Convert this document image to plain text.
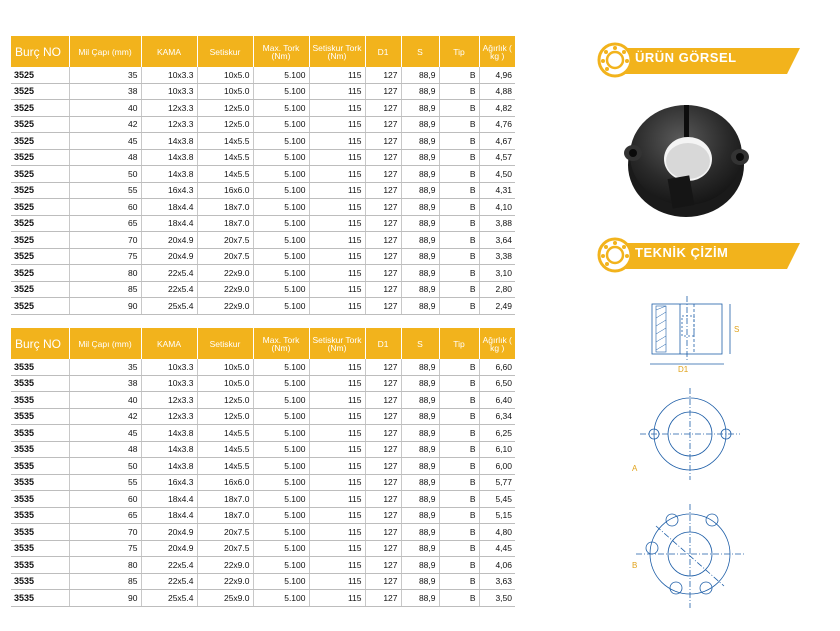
Burç NO	Mil Çapı (mm)	KAMA	Setiskur	Max. Tork (Nm)	Setiskur Tork (Nm)	D1	S	Tip	Ağırlık ( kg )
3525	35	10x3.3	10x5.0	5.100	115	127	88,9	B	4,96
3525	38	10x3.3	10x5.0	5.100	115	127	88,9	B	4,88
3525	40	12x3.3	12x5.0	5.100	115	127	88,9	B	4,82
3525	42	12x3.3	12x5.0	5.100	115	127	88,9	B	4,76
3525	45	14x3.8	14x5.5	5.100	115	127	88,9	B	4,67
3525	48	14x3.8	14x5.5	5.100	115	127	88,9	B	4,57
3525	50	14x3.8	14x5.5	5.100	115	127	88,9	B	4,50
3525	55	16x4.3	16x6.0	5.100	115	127	88,9	B	4,31
3525	60	18x4.4	18x7.0	5.100	115	127	88,9	B	4,10
3525	65	18x4.4	18x7.0	5.100	115	127	88,9	B	3,88
3525	70	20x4.9	20x7.5	5.100	115	127	88,9	B	3,64
3525	75	20x4.9	20x7.5	5.100	115	127	88,9	B	3,38
3525	80	22x5.4	22x9.0	5.100	115	127	88,9	B	3,10
3525	85	22x5.4	22x9.0	5.100	115	127	88,9	B	2,80
3525	90	25x5.4	22x9.0	5.100	115	127	88,9	B	2,49
Burç NO	Mil Çapı (mm)	KAMA	Setiskur	Max. Tork (Nm)	Setiskur Tork (Nm)	D1	S	Tip	Ağırlık ( kg )
3535	35	10x3.3	10x5.0	5.100	115	127	88,9	B	6,60
3535	38	10x3.3	10x5.0	5.100	115	127	88,9	B	6,50
3535	40	12x3.3	12x5.0	5.100	115	127	88,9	B	6,40
3535	42	12x3.3	12x5.0	5.100	115	127	88,9	B	6,34
3535	45	14x3.8	14x5.5	5.100	115	127	88,9	B	6,25
3535	48	14x3.8	14x5.5	5.100	115	127	88,9	B	6,10
3535	50	14x3.8	14x5.5	5.100	115	127	88,9	B	6,00
3535	55	16x4.3	16x6.0	5.100	115	127	88,9	B	5,77
3535	60	18x4.4	18x7.0	5.100	115	127	88,9	B	5,45
3535	65	18x4.4	18x7.0	5.100	115	127	88,9	B	5,15
3535	70	20x4.9	20x7.5	5.100	115	127	88,9	B	4,80
3535	75	20x4.9	20x7.5	5.100	115	127	88,9	B	4,45
3535	80	22x5.4	22x9.0	5.100	115	127	88,9	B	4,06
3535	85	22x5.4	22x9.0	5.100	115	127	88,9	B	3,63
3535	90	25x5.4	25x9.0	5.100	115	127	88,9	B	3,50
ÜRÜN GÖRSEL
TEKNİK ÇİZİM
S
D1
A
B
